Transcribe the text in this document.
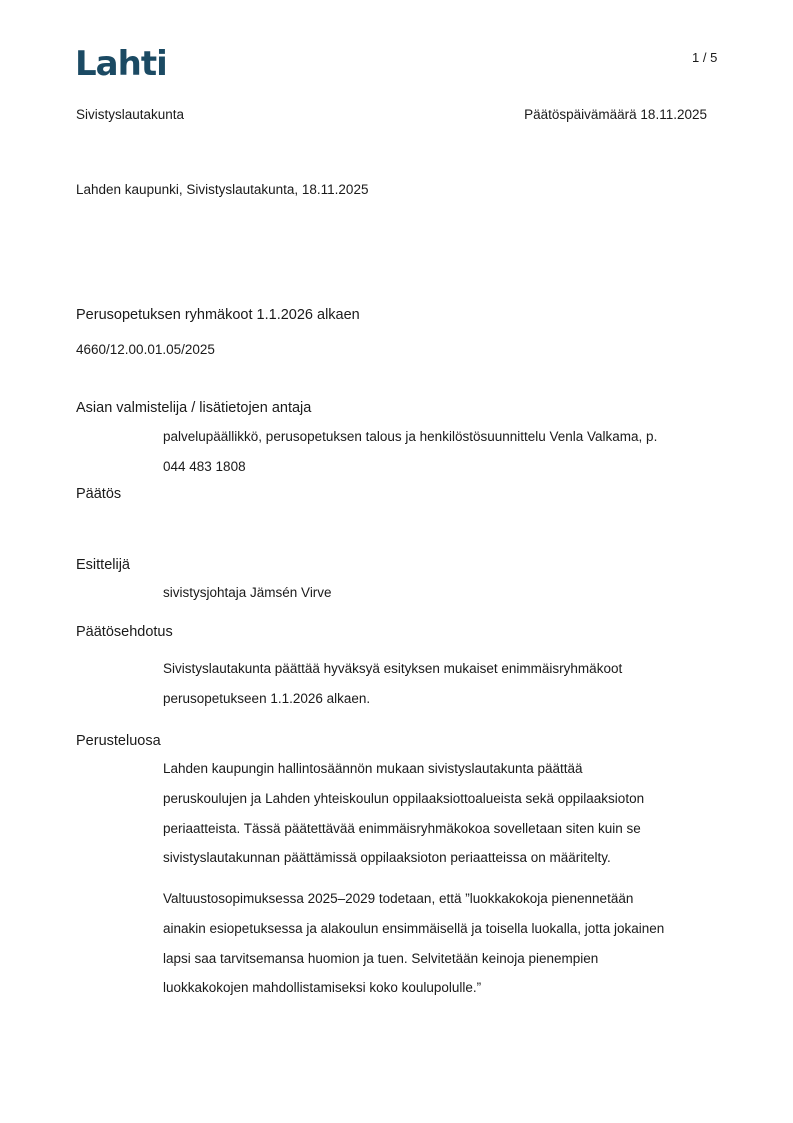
Lahti	1 / 5
Sivistyslautakunta	Päätöspäivämäärä 18.11.2025
Lahden kaupunki, Sivistyslautakunta, 18.11.2025
Perusopetuksen ryhmäkoot 1.1.2026 alkaen
4660/12.00.01.05/2025
Asian valmistelija / lisätietojen antaja

palvelupäällikkö, perusopetuksen talous ja henkilöstösuunnittelu Venla Valkama, p.

044 483 1808

Päätös
Esittelijä

sivistysjohtaja Jämsén Virve

Päätösehdotus

Sivistyslautakunta päättää hyväksyä esityksen mukaiset enimmäisryhmäkoot

perusopetukseen 1.1.2026 alkaen.

Perusteluosa

Lahden kaupungin hallintosäännön mukaan sivistyslautakunta päättää

peruskoulujen ja Lahden yhteiskoulun oppilaaksiottoalueista sekä oppilaaksioton

periaatteista. Tässä päätettävää enimmäisryhmäkokoa sovelletaan siten kuin se

sivistyslautakunnan päättämissä oppilaaksioton periaatteissa on määritelty.

Valtuustosopimuksessa 2025–2029 todetaan, että ”luokkakokoja pienennetään

ainakin esiopetuksessa ja alakoulun ensimmäisellä ja toisella luokalla, jotta jokainen

lapsi saa tarvitsemansa huomion ja tuen. Selvitetään keinoja pienempien

luokkakokojen mahdollistamiseksi koko koulupolulle.”
